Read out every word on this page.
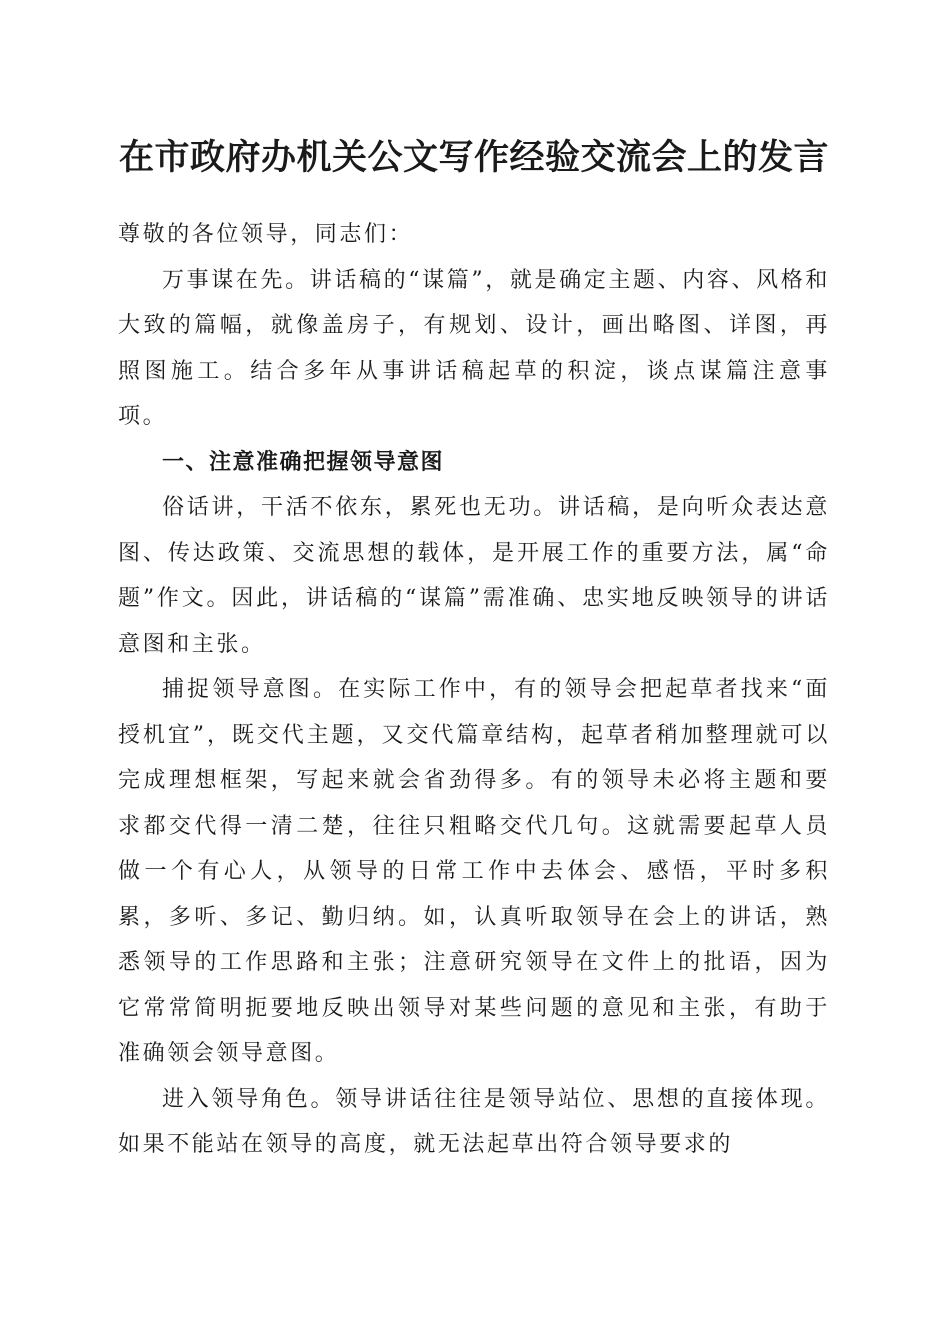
在市政府办机关公文写作经验交流会上的发言

尊敬的各位领导，同志们：

万事谋在先。讲话稿的“谋篇”，就是确定主题、内容、风格和大致的篇幅，就像盖房子，有规划、设计，画出略图、详图，再照图施工。结合多年从事讲话稿起草的积淀，谈点谋篇注意事项。

一、注意准确把握领导意图

俗话讲，干活不依东，累死也无功。讲话稿，是向听众表达意图、传达政策、交流思想的载体，是开展工作的重要方法，属“命题”作文。因此，讲话稿的“谋篇”需准确、忠实地反映领导的讲话意图和主张。

捕捉领导意图。在实际工作中，有的领导会把起草者找来“面授机宜”，既交代主题，又交代篇章结构，起草者稍加整理就可以完成理想框架，写起来就会省劲得多。有的领导未必将主题和要求都交代得一清二楚，往往只粗略交代几句。这就需要起草人员做一个有心人，从领导的日常工作中去体会、感悟，平时多积累，多听、多记、勤归纳。如，认真听取领导在会上的讲话，熟悉领导的工作思路和主张；注意研究领导在文件上的批语，因为它常常简明扼要地反映出领导对某些问题的意见和主张，有助于准确领会领导意图。

进入领导角色。领导讲话往往是领导站位、思想的直接体现。如果不能站在领导的高度，就无法起草出符合领导要求的
